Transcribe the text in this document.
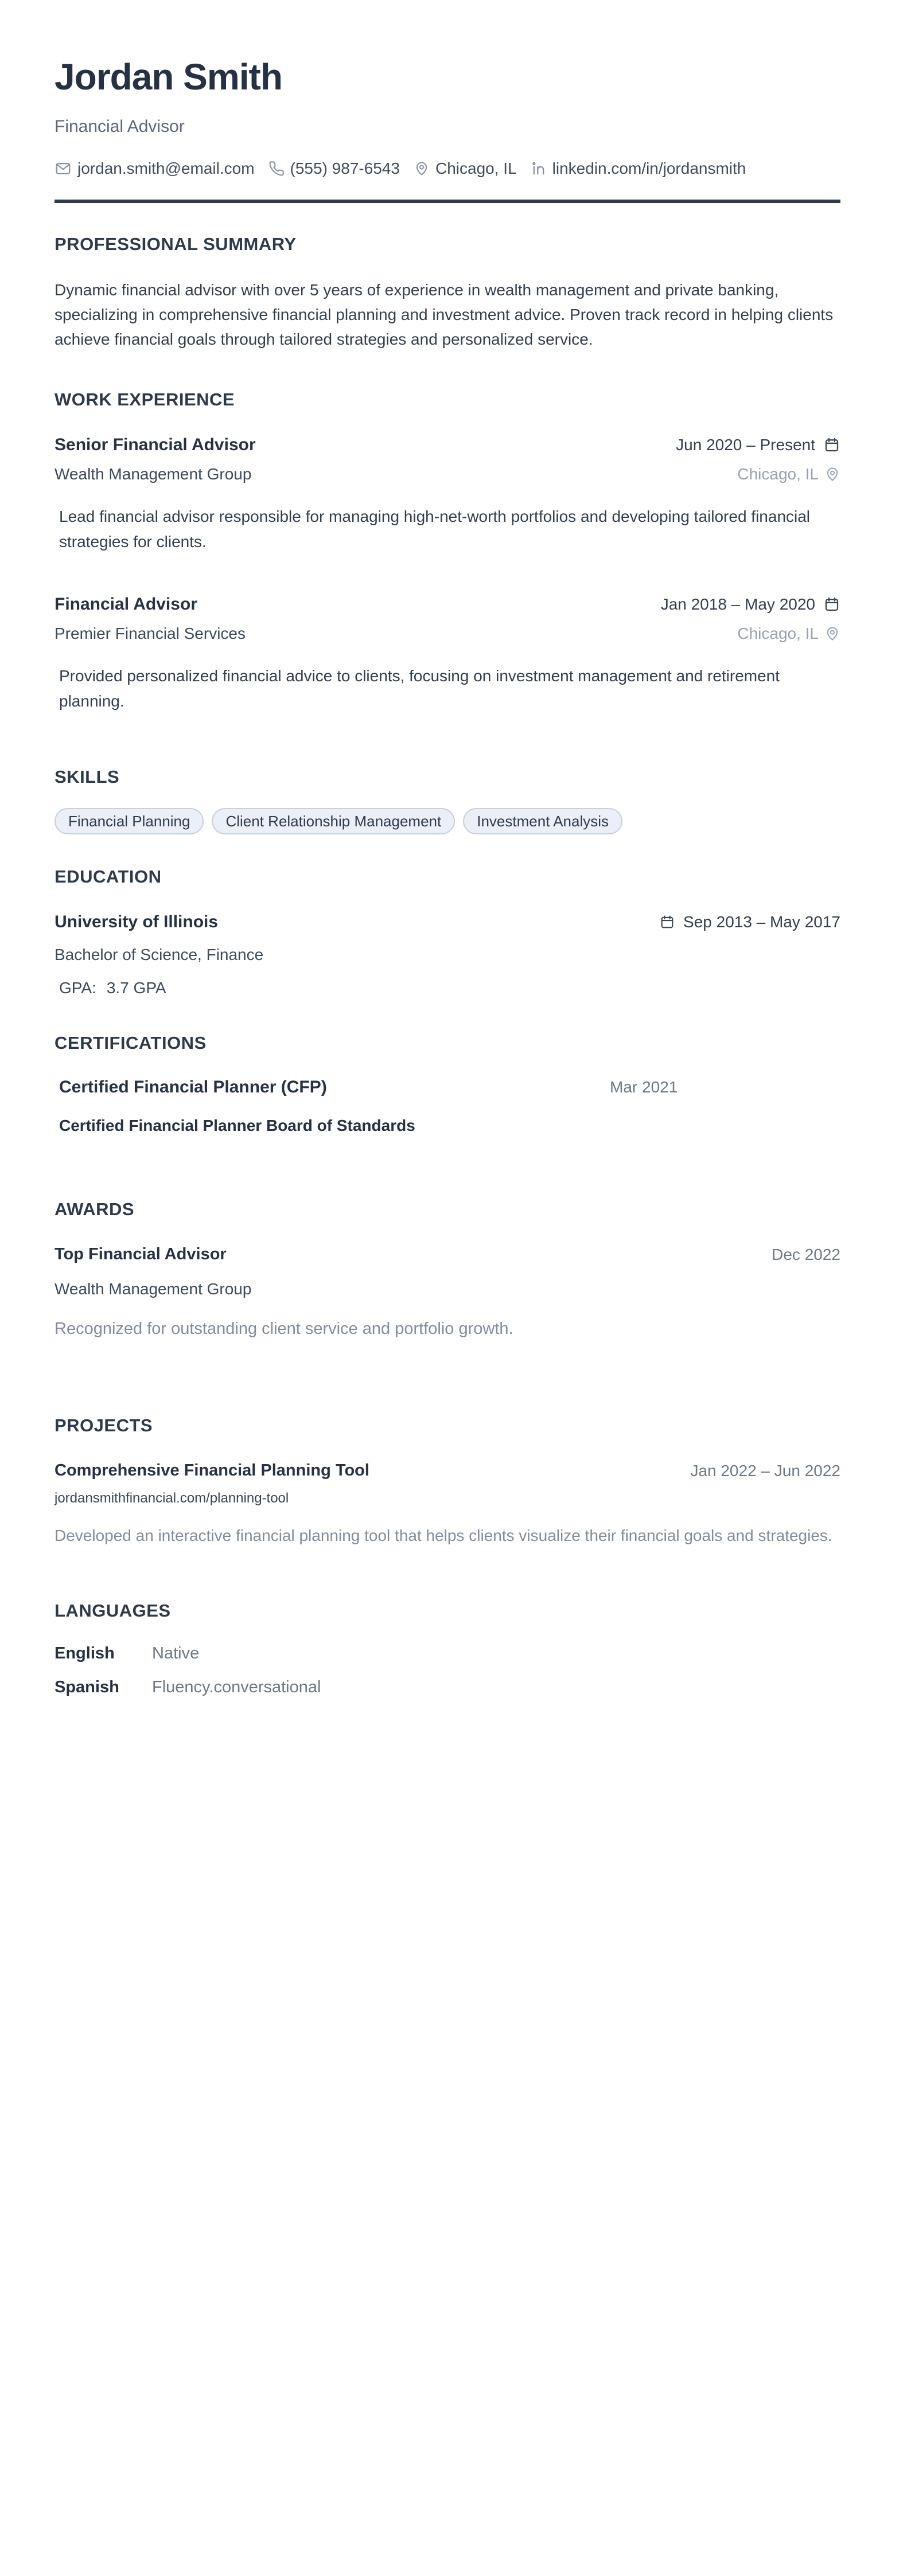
Jordan Smith
Financial Advisor
jordan.smith@email.com (555) 987-6543 Chicago, IL linkedin.com/in/jordansmith
PROFESSIONAL SUMMARY

Dynamic financial advisor with over 5 years of experience in wealth management and private banking, specializing in comprehensive financial planning and investment advice. Proven track record in helping clients achieve financial goals through tailored strategies and personalized service.

WORK EXPERIENCE
Senior Financial Advisor	Jun 2020 – Present
Wealth Management Group	Chicago, IL

Lead financial advisor responsible for managing high-net-worth portfolios and developing tailored financial strategies for clients.

Financial Advisor	Jan 2018 – May 2020
Premier Financial Services	Chicago, IL

Provided personalized financial advice to clients, focusing on investment management and retirement planning.

SKILLS
Financial Planning	Client Relationship Management	Investment Analysis
EDUCATION
University of Illinois	Sep 2013 – May 2017
Bachelor of Science, Finance
GPA: 3.7 GPA
CERTIFICATIONS
Certified Financial Planner (CFP)	Mar 2021
Certified Financial Planner Board of Standards
AWARDS
Top Financial Advisor	Dec 2022
Wealth Management Group

Recognized for outstanding client service and portfolio growth.

PROJECTS
Comprehensive Financial Planning Tool	Jan 2022 – Jun 2022
jordansmithfinancial.com/planning-tool

Developed an interactive financial planning tool that helps clients visualize their financial goals and strategies.

LANGUAGES
English	Native
Spanish	Fluency.conversational
